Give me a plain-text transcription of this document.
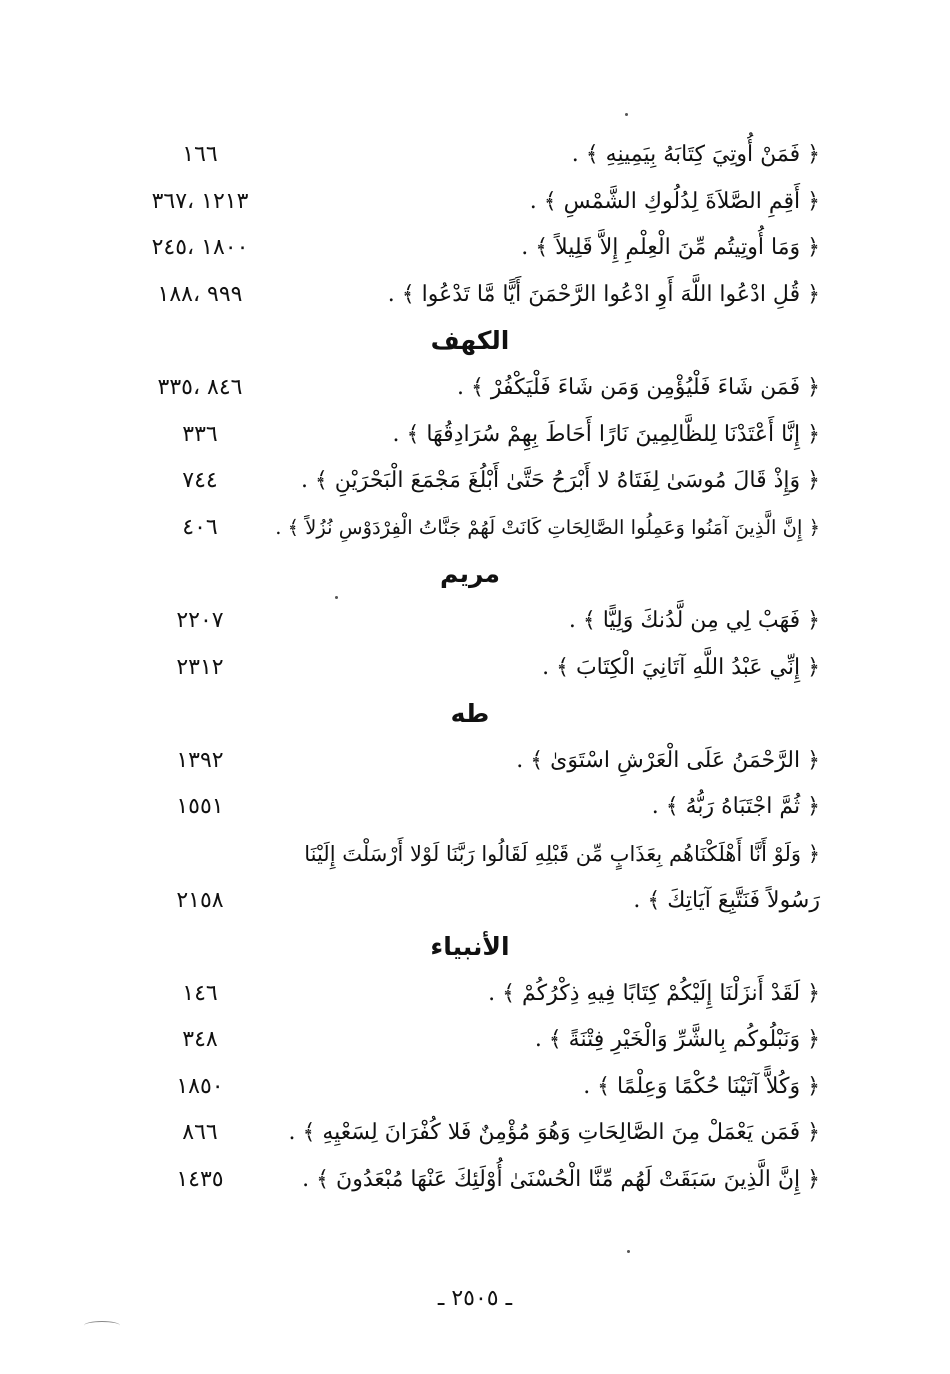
﴿ فَمَنْ أُوتِيَ كِتَابَهُ بِيَمِينِهِ ﴾ .
١٦٦
﴿ أَقِمِ الصَّلاَةَ لِدُلُوكِ الشَّمْسِ ﴾ .
١٢١٣ ،٣٦٧
﴿ وَمَا أُوتِيتُم مِّنَ الْعِلْمِ إِلاَّ قَلِيلاً ﴾ .
١٨٠٠ ،٢٤٥
﴿ قُلِ ادْعُوا اللَّهَ أَوِ ادْعُوا الرَّحْمَنَ أَيًّا مَّا تَدْعُوا ﴾ .
٩٩٩ ،١٨٨
الكهف
﴿ فَمَن شَاءَ فَلْيُؤْمِن وَمَن شَاءَ فَلْيَكْفُرْ ﴾ .
٨٤٦ ،٣٣٥
﴿ إِنَّا أَعْتَدْنَا لِلظَّالِمِينَ نَارًا أَحَاطَ بِهِمْ سُرَادِقُهَا ﴾ .
٣٣٦
﴿ وَإِذْ قَالَ مُوسَىٰ لِفَتَاهُ لا أَبْرَحُ حَتَّىٰ أَبْلُغَ مَجْمَعَ الْبَحْرَيْنِ ﴾ .
٧٤٤
﴿ إِنَّ الَّذِينَ آمَنُوا وَعَمِلُوا الصَّالِحَاتِ كَانَتْ لَهُمْ جَنَّاتُ الْفِرْدَوْسِ نُزُلاً ﴾ .
٤٠٦
مريم
﴿ فَهَبْ لِي مِن لَّدُنكَ وَلِيًّا ﴾ .
٢٢٠٧
﴿ إِنِّي عَبْدُ اللَّهِ آتَانِيَ الْكِتَابَ ﴾ .
٢٣١٢
طه
﴿ الرَّحْمَنُ عَلَى الْعَرْشِ اسْتَوَىٰ ﴾ .
١٣٩٢
﴿ ثُمَّ اجْتَبَاهُ رَبُّهُ ﴾ .
١٥٥١
﴿ وَلَوْ أَنَّا أَهْلَكْنَاهُم بِعَذَابٍ مِّن قَبْلِهِ لَقَالُوا رَبَّنَا لَوْلا أَرْسَلْتَ إِلَيْنَا
رَسُولاً فَنَتَّبِعَ آيَاتِكَ ﴾ .
٢١٥٨
الأنبياء
﴿ لَقَدْ أَنزَلْنَا إِلَيْكُمْ كِتَابًا فِيهِ ذِكْرُكُمْ ﴾ .
١٤٦
﴿ وَنَبْلُوكُم بِالشَّرِّ وَالْخَيْرِ فِتْنَةً ﴾ .
٣٤٨
﴿ وَكُلاًّ آتَيْنَا حُكْمًا وَعِلْمًا ﴾ .
١٨٥٠
﴿ فَمَن يَعْمَلْ مِنَ الصَّالِحَاتِ وَهُوَ مُؤْمِنٌ فَلا كُفْرَانَ لِسَعْيِهِ ﴾ .
٨٦٦
﴿ إِنَّ الَّذِينَ سَبَقَتْ لَهُم مِّنَّا الْحُسْنَىٰ أُوْلَئِكَ عَنْهَا مُبْعَدُونَ ﴾ .
١٤٣٥
ـ ٢٥٠٥ ـ
